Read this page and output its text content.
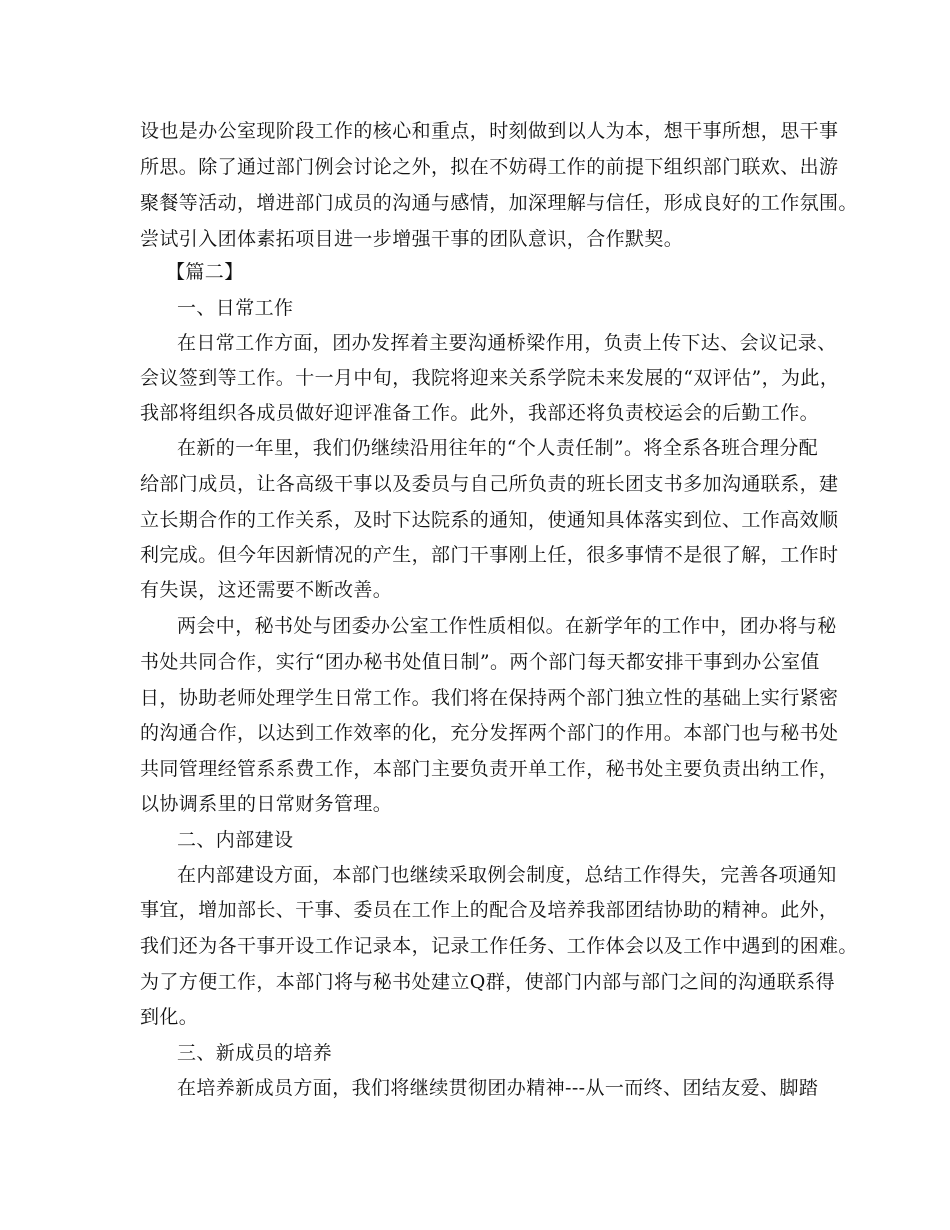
设也是办公室现阶段工作的核心和重点，时刻做到以人为本，想干事所想，思干事
所思。除了通过部门例会讨论之外，拟在不妨碍工作的前提下组织部门联欢、出游
聚餐等活动，增进部门成员的沟通与感情，加深理解与信任，形成良好的工作氛围。
尝试引入团体素拓项目进一步增强干事的团队意识，合作默契。
【篇二】
一、日常工作
在日常工作方面，团办发挥着主要沟通桥梁作用，负责上传下达、会议记录、
会议签到等工作。十一月中旬，我院将迎来关系学院未来发展的“双评估”，为此，
我部将组织各成员做好迎评准备工作。此外，我部还将负责校运会的后勤工作。
在新的一年里，我们仍继续沿用往年的“个人责任制”。将全系各班合理分配
给部门成员，让各高级干事以及委员与自己所负责的班长团支书多加沟通联系，建
立长期合作的工作关系，及时下达院系的通知，使通知具体落实到位、工作高效顺
利完成。但今年因新情况的产生，部门干事刚上任，很多事情不是很了解，工作时
有失误，这还需要不断改善。
两会中，秘书处与团委办公室工作性质相似。在新学年的工作中，团办将与秘
书处共同合作，实行“团办秘书处值日制”。两个部门每天都安排干事到办公室值
日，协助老师处理学生日常工作。我们将在保持两个部门独立性的基础上实行紧密
的沟通合作，以达到工作效率的化，充分发挥两个部门的作用。本部门也与秘书处
共同管理经管系系费工作，本部门主要负责开单工作，秘书处主要负责出纳工作，
以协调系里的日常财务管理。
二、内部建设
在内部建设方面，本部门也继续采取例会制度，总结工作得失，完善各项通知
事宜，增加部长、干事、委员在工作上的配合及培养我部团结协助的精神。此外，
我们还为各干事开设工作记录本，记录工作任务、工作体会以及工作中遇到的困难。
为了方便工作，本部门将与秘书处建立Q群，使部门内部与部门之间的沟通联系得
到化。
三、新成员的培养
在培养新成员方面，我们将继续贯彻团办精神---从一而终、团结友爱、脚踏
